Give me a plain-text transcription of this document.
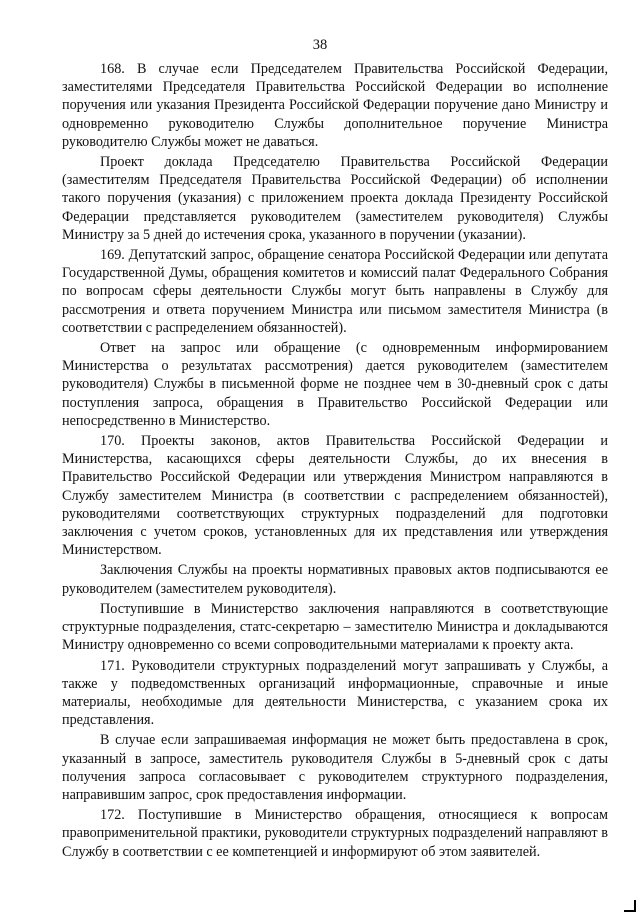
38

168. В случае если Председателем Правительства Российской Федерации, заместителями Председателя Правительства Российской Федерации во исполнение поручения или указания Президента Российской Федерации поручение дано Министру и одновременно руководителю Службы дополнительное поручение Министра руководителю Службы может не даваться.

Проект доклада Председателю Правительства Российской Федерации (заместителям Председателя Правительства Российской Федерации) об исполнении такого поручения (указания) с приложением проекта доклада Президенту Российской Федерации представляется руководителем (заместителем руководителя) Службы Министру за 5 дней до истечения срока, указанного в поручении (указании).

169. Депутатский запрос, обращение сенатора Российской Федерации или депутата Государственной Думы, обращения комитетов и комиссий палат Федерального Собрания по вопросам сферы деятельности Службы могут быть направлены в Службу для рассмотрения и ответа поручением Министра или письмом заместителя Министра (в соответствии с распределением обязанностей).

Ответ на запрос или обращение (с одновременным информированием Министерства о результатах рассмотрения) дается руководителем (заместителем руководителя) Службы в письменной форме не позднее чем в 30-дневный срок с даты поступления запроса, обращения в Правительство Российской Федерации или непосредственно в Министерство.

170. Проекты законов, актов Правительства Российской Федерации и Министерства, касающихся сферы деятельности Службы, до их внесения в Правительство Российской Федерации или утверждения Министром направляются в Службу заместителем Министра (в соответствии с распределением обязанностей), руководителями соответствующих структурных подразделений для подготовки заключения с учетом сроков, установленных для их представления или утверждения Министерством.

Заключения Службы на проекты нормативных правовых актов подписываются ее руководителем (заместителем руководителя).

Поступившие в Министерство заключения направляются в соответствующие структурные подразделения, статс-секретарю – заместителю Министра и докладываются Министру одновременно со всеми сопроводительными материалами к проекту акта.

171. Руководители структурных подразделений могут запрашивать у Службы, а также у подведомственных организаций информационные, справочные и иные материалы, необходимые для деятельности Министерства, с указанием срока их представления.

В случае если запрашиваемая информация не может быть предоставлена в срок, указанный в запросе, заместитель руководителя Службы в 5-дневный срок с даты получения запроса согласовывает с руководителем структурного подразделения, направившим запрос, срок предоставления информации.

172. Поступившие в Министерство обращения, относящиеся к вопросам правоприменительной практики, руководители структурных подразделений направляют в Службу в соответствии с ее компетенцией и информируют об этом заявителей.
